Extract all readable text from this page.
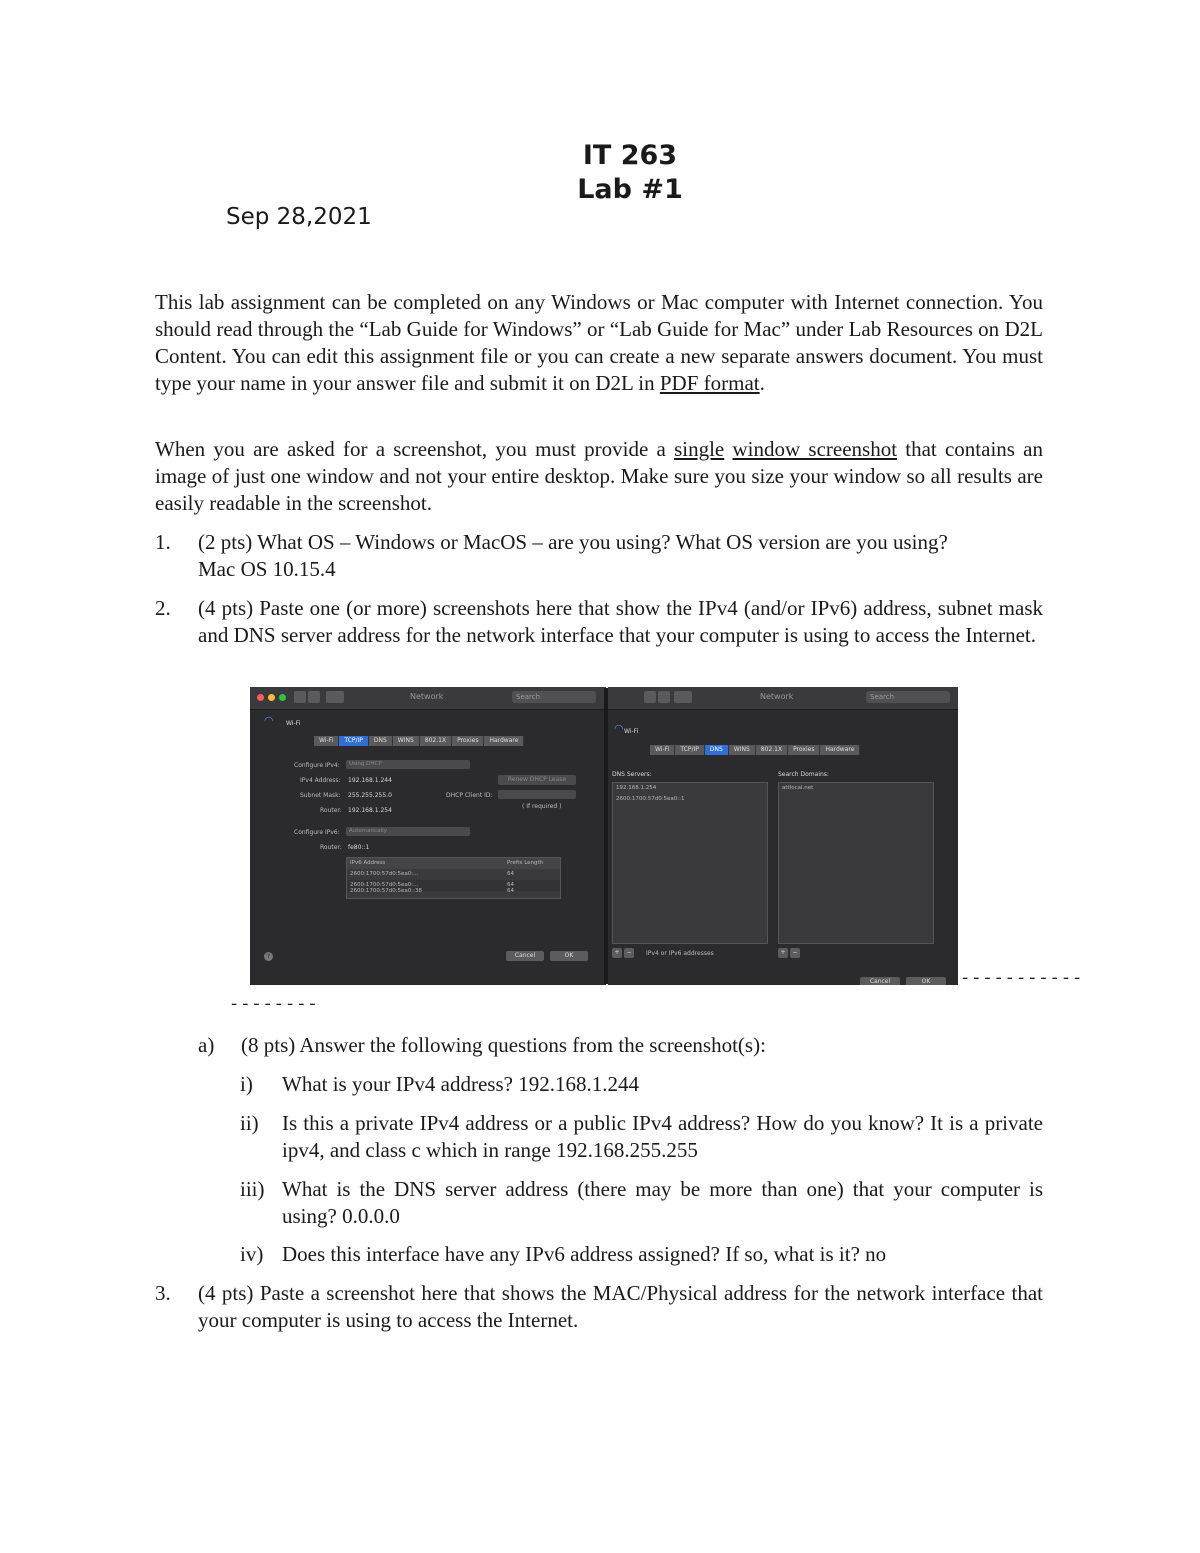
IT 263
Lab #1
Sep 28,2021
This lab assignment can be completed on any Windows or Mac computer with Internet connection. You should read through the “Lab Guide for Windows” or “Lab Guide for Mac” under Lab Resources on D2L Content. You can edit this assignment file or you can create a new separate answers document. You must type your name in your answer file and submit it on D2L in PDF format.
When you are asked for a screenshot, you must provide a single window screenshot that contains an image of just one window and not your entire desktop. Make sure you size your window so all results are easily readable in the screenshot.
1. (2 pts) What OS – Windows or MacOS – are you using? What OS version are you using?
Mac OS 10.15.4
2. (4 pts) Paste one (or more) screenshots here that show the IPv4 (and/or IPv6) address, subnet mask and DNS server address for the network interface that your computer is using to access the Internet.
Network	Search
◠ Wi-Fi
Wi-Fi	TCP/IP	DNS	WINS	802.1X	Proxies	Hardware
Configure IPv4:	Using DHCP
IPv4 Address: 192.168.1.244	Renew DHCP Lease
Subnet Mask: 255.255.255.0	DHCP Client ID:
Router: 192.168.1.254
( If required )
Configure IPv6:	Automatically
Router: fe80::1
IPv6 Address	Prefix Length
2600:1700:57d0:5ea0:...	64
2600:1700:57d0:5ea0:...	64
2600:1700:57d0:5ea0::38	64
?	Cancel	OK
Network	Search
◠ Wi-Fi
Wi-Fi	TCP/IP	DNS	WINS	802.1X	Proxies	Hardware
DNS Servers:
192.168.1.254
2600:1700:57d0:5ea0::1
Search Domains:
attlocal.net
+	−	IPv4 or IPv6 addresses	+	−
Cancel	OK	-----------
--------
a) (8 pts) Answer the following questions from the screenshot(s):
i) What is your IPv4 address? 192.168.1.244
ii) Is this a private IPv4 address or a public IPv4 address? How do you know? It is a private ipv4, and class c which in range 192.168.255.255
iii) What is the DNS server address (there may be more than one) that your computer is using? 0.0.0.0
iv) Does this interface have any IPv6 address assigned? If so, what is it? no
3. (4 pts) Paste a screenshot here that shows the MAC/Physical address for the network interface that your computer is using to access the Internet.
